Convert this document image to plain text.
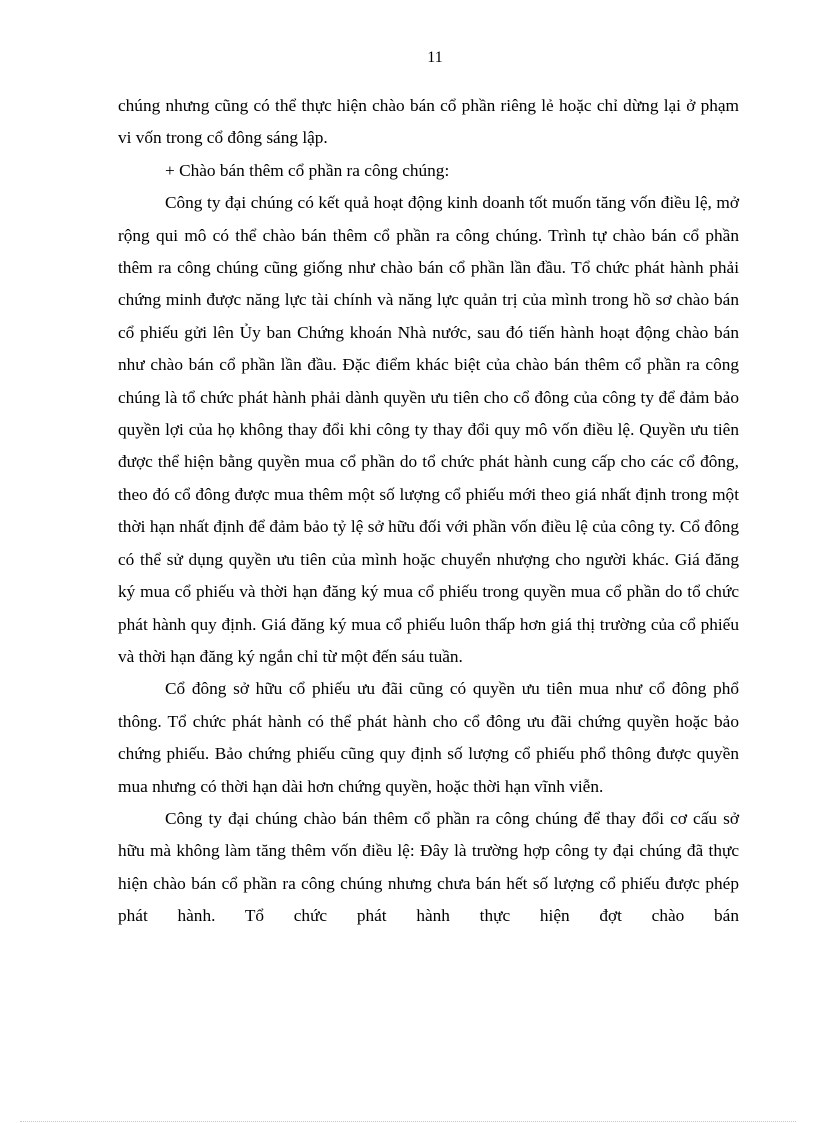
11

chúng nhưng cũng có thể thực hiện chào bán cổ phần riêng lẻ hoặc chỉ dừng lại ở phạm vi vốn trong cổ đông sáng lập.

+ Chào bán thêm cổ phần ra công chúng:

Công ty đại chúng có kết quả hoạt động kinh doanh tốt muốn tăng vốn điều lệ, mở rộng qui mô có thể chào bán thêm cổ phần ra công chúng. Trình tự chào bán cổ phần thêm ra công chúng cũng giống như chào bán cổ phần lần đầu. Tổ chức phát hành phải chứng minh được năng lực tài chính và năng lực quản trị của mình trong hồ sơ chào bán cổ phiếu gửi lên Ủy ban Chứng khoán Nhà nước, sau đó tiến hành hoạt động chào bán như chào bán cổ phần lần đầu. Đặc điểm khác biệt của chào bán thêm cổ phần ra công chúng là tổ chức phát hành phải dành quyền ưu tiên cho cổ đông của công ty để đảm bảo quyền lợi của họ không thay đổi khi công ty thay đổi quy mô vốn điều lệ. Quyền ưu tiên được thể hiện bằng quyền mua cổ phần do tổ chức phát hành cung cấp cho các cổ đông, theo đó cổ đông được mua thêm một số lượng cổ phiếu mới theo giá nhất định trong một thời hạn nhất định để đảm bảo tỷ lệ sở hữu đối với phần vốn điều lệ của công ty. Cổ đông có thể sử dụng quyền ưu tiên của mình hoặc chuyển nhượng cho người khác. Giá đăng ký mua cổ phiếu và thời hạn đăng ký mua cổ phiếu trong quyền mua cổ phần do tổ chức phát hành quy định. Giá đăng ký mua cổ phiếu luôn thấp hơn giá thị trường của cổ phiếu và thời hạn đăng ký ngắn chỉ từ một đến sáu tuần.

Cổ đông sở hữu cổ phiếu ưu đãi cũng có quyền ưu tiên mua như cổ đông phổ thông. Tổ chức phát hành có thể phát hành cho cổ đông ưu đãi chứng quyền hoặc bảo chứng phiếu. Bảo chứng phiếu cũng quy định số lượng cổ phiếu phổ thông được quyền mua nhưng có thời hạn dài hơn chứng quyền, hoặc thời hạn vĩnh viễn.

Công ty đại chúng chào bán thêm cổ phần ra công chúng để thay đổi cơ cấu sở hữu mà không làm tăng thêm vốn điều lệ: Đây là trường hợp công ty đại chúng đã thực hiện chào bán cổ phần ra công chúng nhưng chưa bán hết số lượng cổ phiếu được phép phát hành. Tổ chức phát hành thực hiện đợt chào bán
